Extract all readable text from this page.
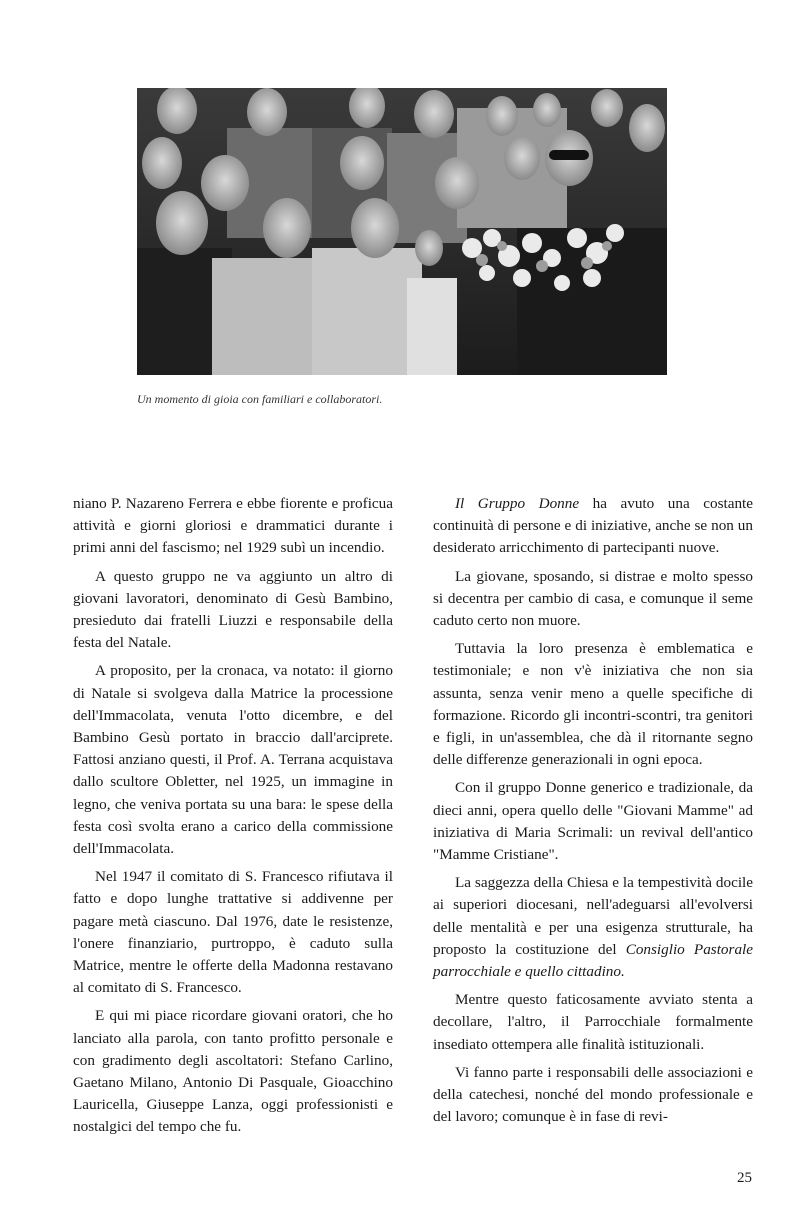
Un momento di gioia con familiari e collaboratori.

niano P. Nazareno Ferrera e ebbe fiorente e proficua attività e giorni gloriosi e drammatici durante i primi anni del fascismo; nel 1929 subì un incendio.

A questo gruppo ne va aggiunto un altro di giovani lavoratori, denominato di Gesù Bambino, presieduto dai fratelli Liuzzi e responsabile della festa del Natale.

A proposito, per la cronaca, va notato: il giorno di Natale si svolgeva dalla Matrice la processione dell'Immacolata, venuta l'otto dicembre, e del Bambino Gesù portato in braccio dall'arciprete. Fattosi anziano questi, il Prof. A. Terrana acquistava dallo scultore Obletter, nel 1925, un immagine in legno, che veniva portata su una bara: le spese della festa così svolta erano a carico della commissione dell'Immacolata.

Nel 1947 il comitato di S. Francesco rifiutava il fatto e dopo lunghe trattative si addivenne per pagare metà ciascuno. Dal 1976, date le resistenze, l'onere finanziario, purtroppo, è caduto sulla Matrice, mentre le offerte della Madonna restavano al comitato di S. Francesco.

E qui mi piace ricordare giovani oratori, che ho lanciato alla parola, con tanto profitto personale e con gradimento degli ascoltatori: Stefano Carlino, Gaetano Milano, Antonio Di Pasquale, Gioacchino Lauricella, Giuseppe Lanza, oggi professionisti e nostalgici del tempo che fu.

Il Gruppo Donne ha avuto una costante continuità di persone e di iniziative, anche se non un desiderato arricchimento di partecipanti nuove.

La giovane, sposando, si distrae e molto spesso si decentra per cambio di casa, e comunque il seme caduto certo non muore.

Tuttavia la loro presenza è emblematica e testimoniale; e non v'è iniziativa che non sia assunta, senza venir meno a quelle specifiche di formazione. Ricordo gli incontri-scontri, tra genitori e figli, in un'assemblea, che dà il ritornante segno delle differenze generazionali in ogni epoca.

Con il gruppo Donne generico e tradizionale, da dieci anni, opera quello delle "Giovani Mamme" ad iniziativa di Maria Scrimali: un revival dell'antico "Mamme Cristiane".

La saggezza della Chiesa e la tempestività docile ai superiori diocesani, nell'adeguarsi all'evolversi delle mentalità e per una esigenza strutturale, ha proposto la costituzione del Consiglio Pastorale parrocchiale e quello cittadino.

Mentre questo faticosamente avviato stenta a decollare, l'altro, il Parrocchiale formalmente insediato ottempera alle finalità istituzionali.

Vi fanno parte i responsabili delle associazioni e della catechesi, nonché del mondo professionale e del lavoro; comunque è in fase di revi-

25
